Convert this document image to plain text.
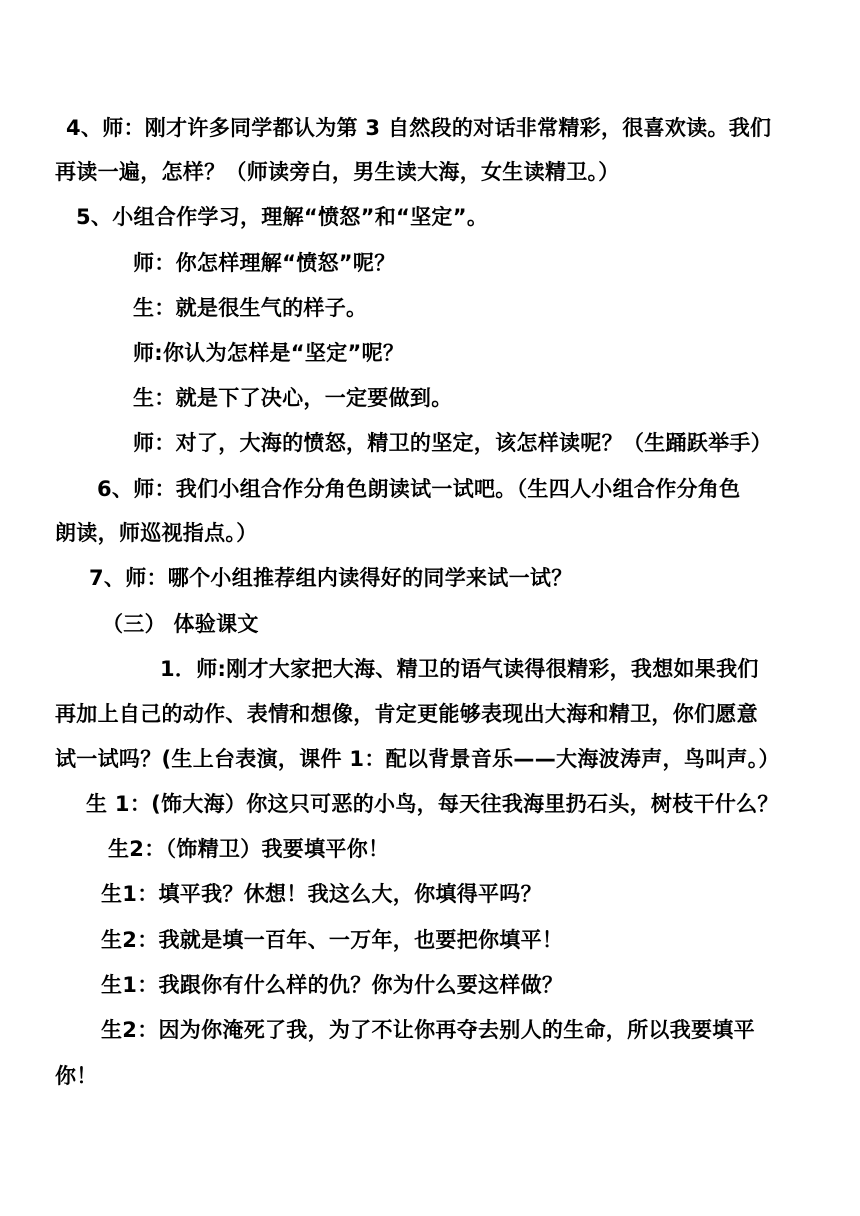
4、师：刚才许多同学都认为第 3 自然段的对话非常精彩，很喜欢读。我们
再读一遍，怎样？（师读旁白，男生读大海，女生读精卫。）
5、小组合作学习，理解“愤怒”和“坚定”。
师：你怎样理解“愤怒”呢？
生：就是很生气的样子。
师:你认为怎样是“坚定”呢？
生：就是下了决心，一定要做到。
师：对了，大海的愤怒，精卫的坚定，该怎样读呢？（生踊跃举手）
6、师：我们小组合作分角色朗读试一试吧。（生四人小组合作分角色
朗读，师巡视指点。）
7、师：哪个小组推荐组内读得好的同学来试一试？
（三） 体验课文
1．师:刚才大家把大海、精卫的语气读得很精彩，我想如果我们
再加上自己的动作、表情和想像，肯定更能够表现出大海和精卫，你们愿意
试一试吗？(生上台表演，课件 1：配以背景音乐——大海波涛声，鸟叫声。）
生 1：(饰大海）你这只可恶的小鸟，每天往我海里扔石头，树枝干什么？
生2：（饰精卫）我要填平你！
生1：填平我？休想！我这么大，你填得平吗？
生2：我就是填一百年、一万年，也要把你填平！
生1：我跟你有什么样的仇？你为什么要这样做？
生2：因为你淹死了我，为了不让你再夺去别人的生命，所以我要填平
你！
